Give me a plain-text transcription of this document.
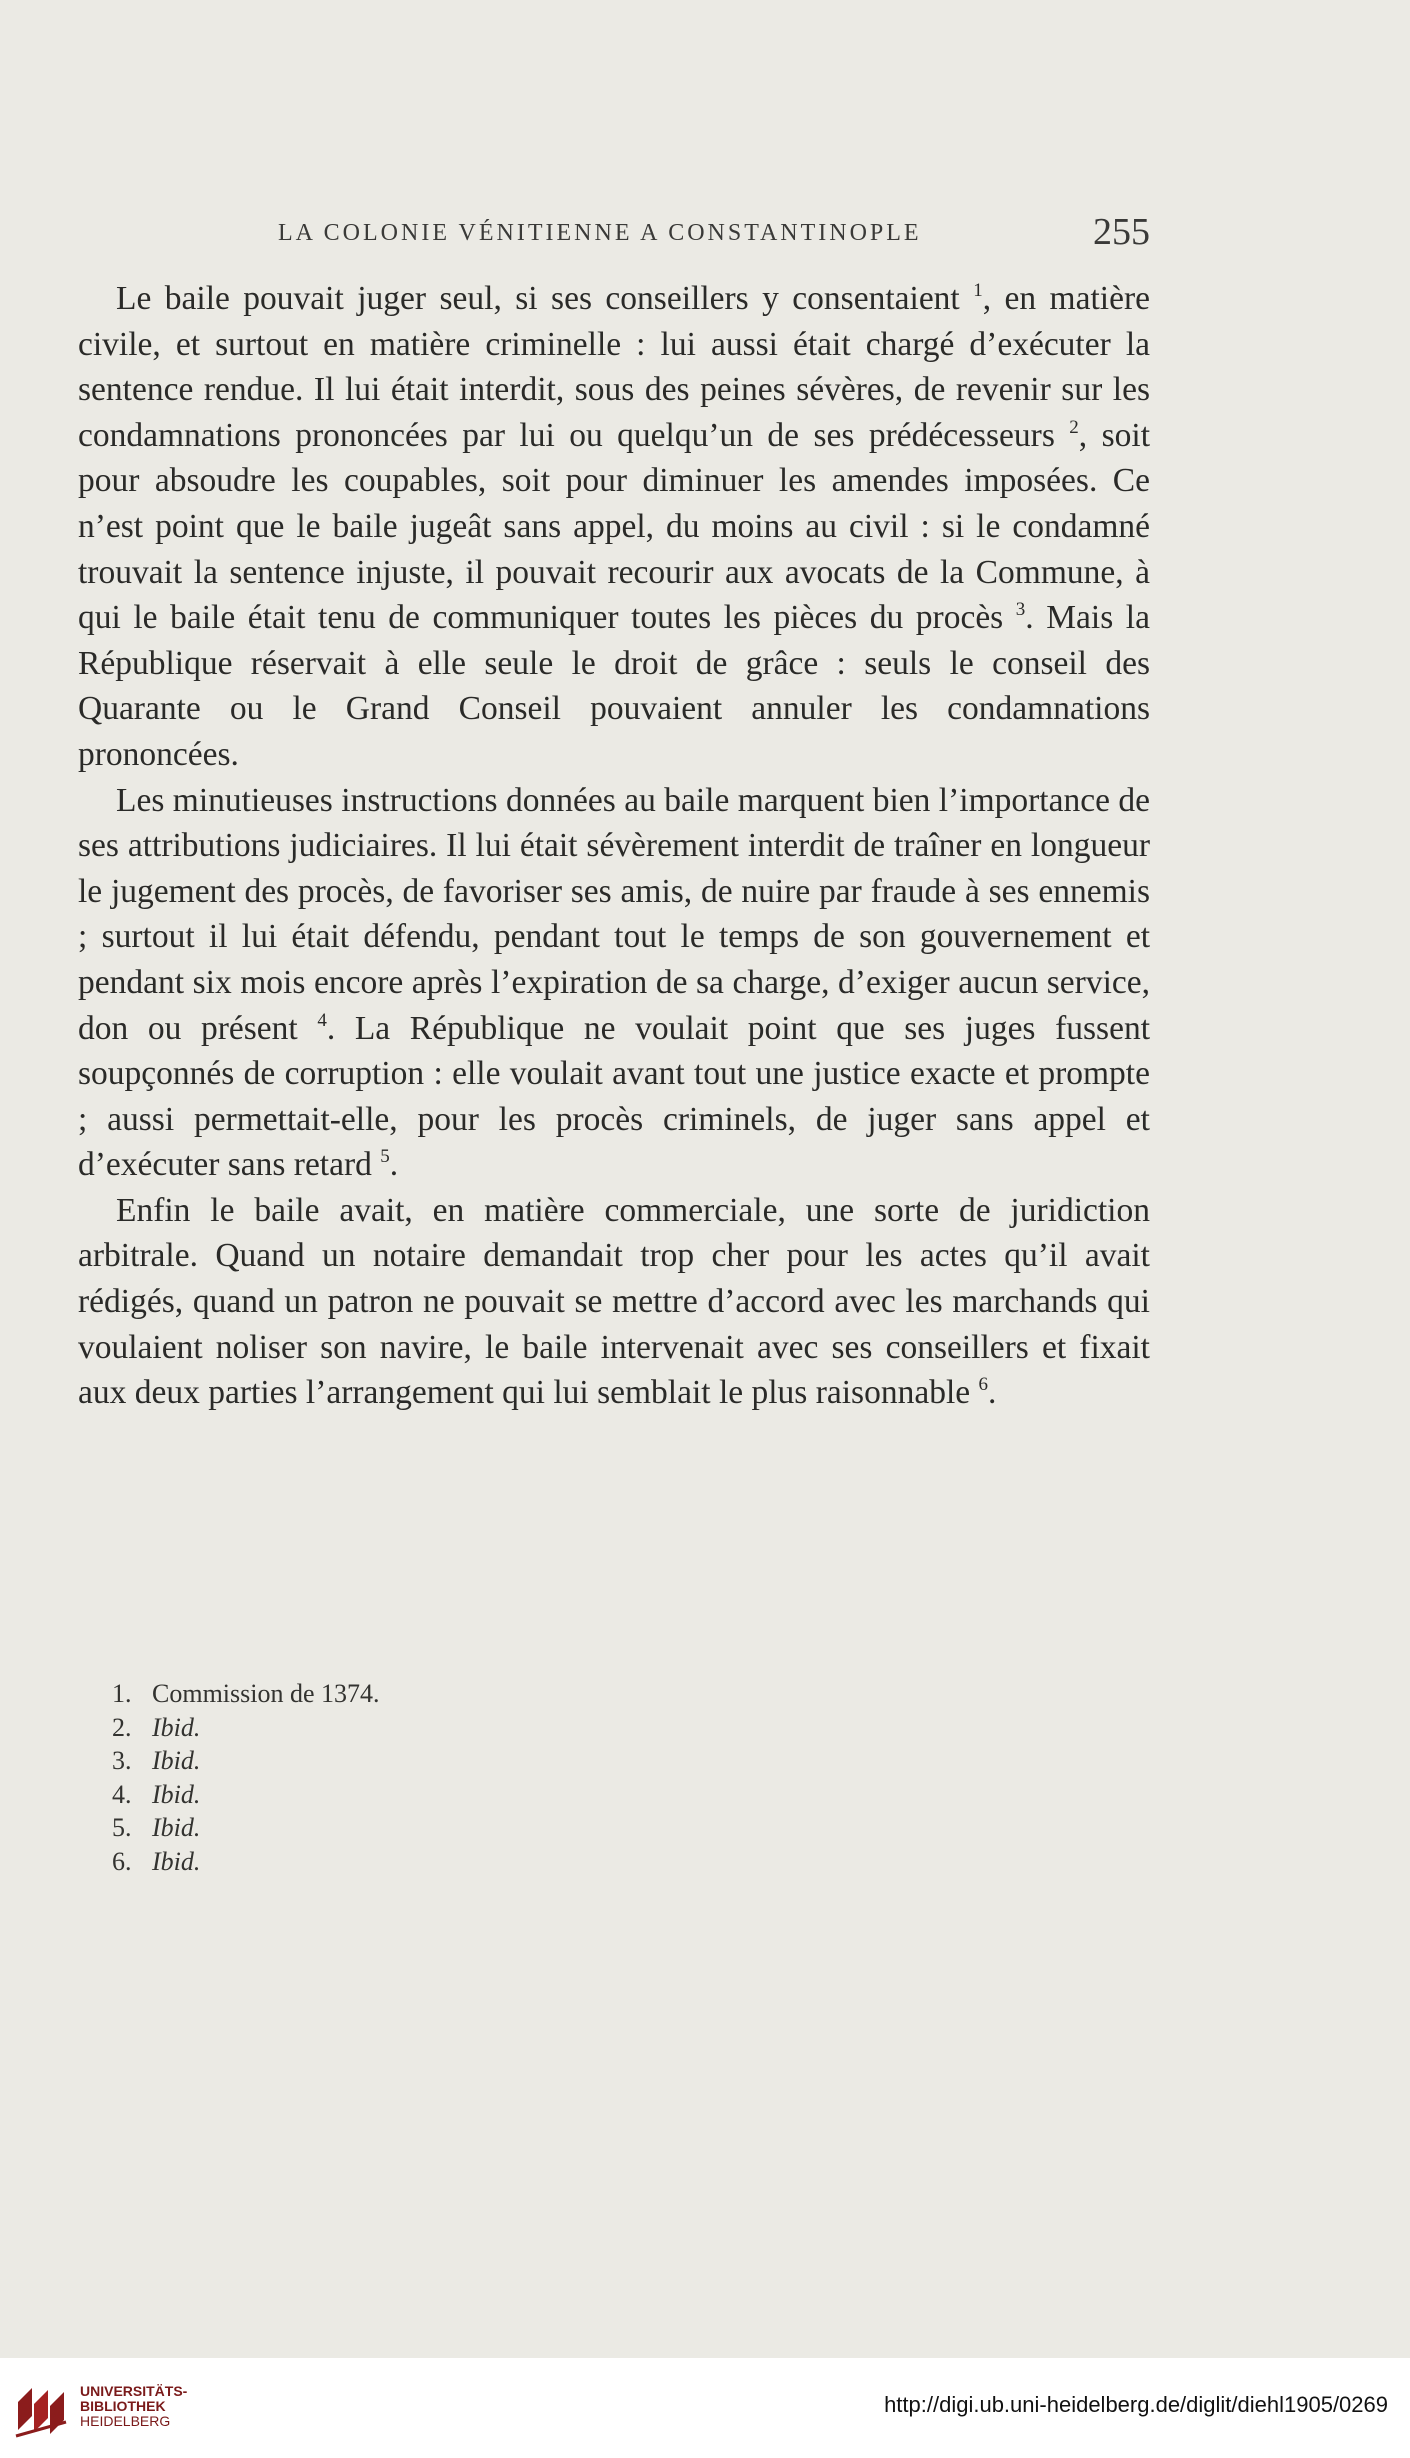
LA COLONIE VÉNITIENNE A CONSTANTINOPLE	255

Le baile pouvait juger seul, si ses conseillers y consentaient $^1$, en matière civile, et surtout en matière criminelle : lui aussi était chargé d’exécuter la sentence rendue. Il lui était interdit, sous des peines sévères, de revenir sur les condamnations prononcées par lui ou quelqu’un de ses prédécesseurs $^2$, soit pour absoudre les coupables, soit pour diminuer les amendes imposées. Ce n’est point que le baile jugeât sans appel, du moins au civil : si le condamné trouvait la sentence injuste, il pouvait recourir aux avocats de la Commune, à qui le baile était tenu de communiquer toutes les pièces du procès $^3$. Mais la République réservait à elle seule le droit de grâce : seuls le conseil des Quarante ou le Grand Conseil pouvaient annuler les condamnations prononcées.

Les minutieuses instructions données au baile marquent bien l’importance de ses attributions judiciaires. Il lui était sévèrement interdit de traîner en longueur le jugement des procès, de favoriser ses amis, de nuire par fraude à ses ennemis ; surtout il lui était défendu, pendant tout le temps de son gouvernement et pendant six mois encore après l’expiration de sa charge, d’exiger aucun service, don ou présent $^4$. La République ne voulait point que ses juges fussent soupçonnés de corruption : elle voulait avant tout une justice exacte et prompte ; aussi permettait-elle, pour les procès criminels, de juger sans appel et d’exécuter sans retard $^5$.

Enfin le baile avait, en matière commerciale, une sorte de juridiction arbitrale. Quand un notaire demandait trop cher pour les actes qu’il avait rédigés, quand un patron ne pouvait se mettre d’accord avec les marchands qui voulaient noliser son navire, le baile intervenait avec ses conseillers et fixait aux deux parties l’arrangement qui lui semblait le plus raisonnable $^6$.

1. Commission de 1374.
2. Ibid.
3. Ibid.
4. Ibid.
5. Ibid.
6. Ibid.
UNIVERSITÄTS-
BIBLIOTHEK
HEIDELBERG
http://digi.ub.uni-heidelberg.de/diglit/diehl1905/0269
